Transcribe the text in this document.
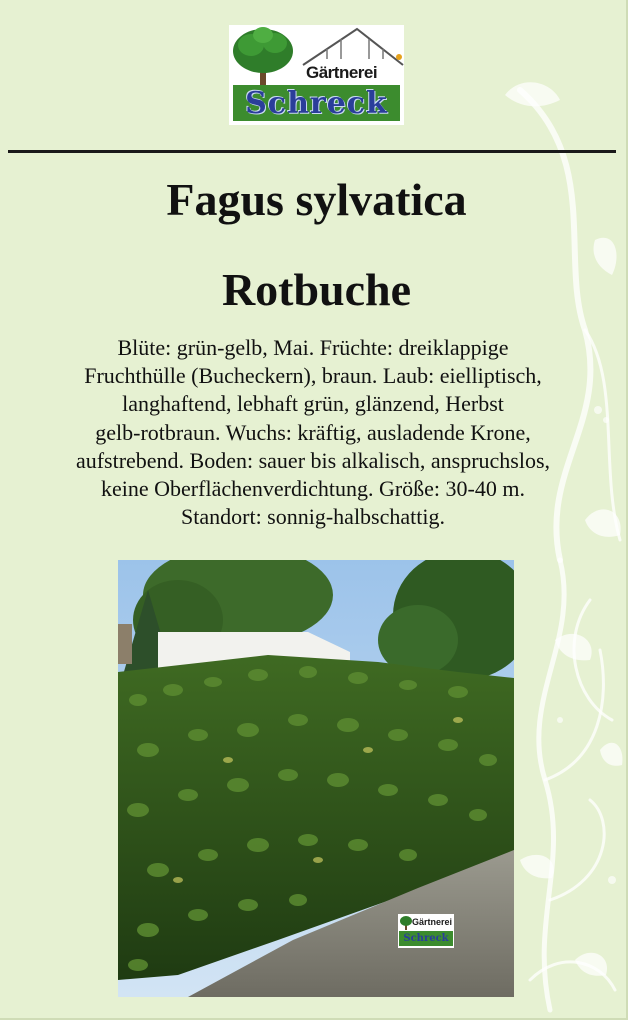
Gärtnerei
Schreck
Fagus sylvatica
Rotbuche

Blüte: grün-gelb, Mai. Früchte: dreiklappige
Fruchthülle (Bucheckern), braun. Laub: eielliptisch,
langhaftend, lebhaft grün, glänzend, Herbst
gelb-rotbraun. Wuchs: kräftig, ausladende Krone,
aufstrebend. Boden: sauer bis alkalisch, anspruchslos,
keine Oberflächenverdichtung. Größe: 30-40 m.
Standort: sonnig-halbschattig.

Gärtnerei
Schreck
